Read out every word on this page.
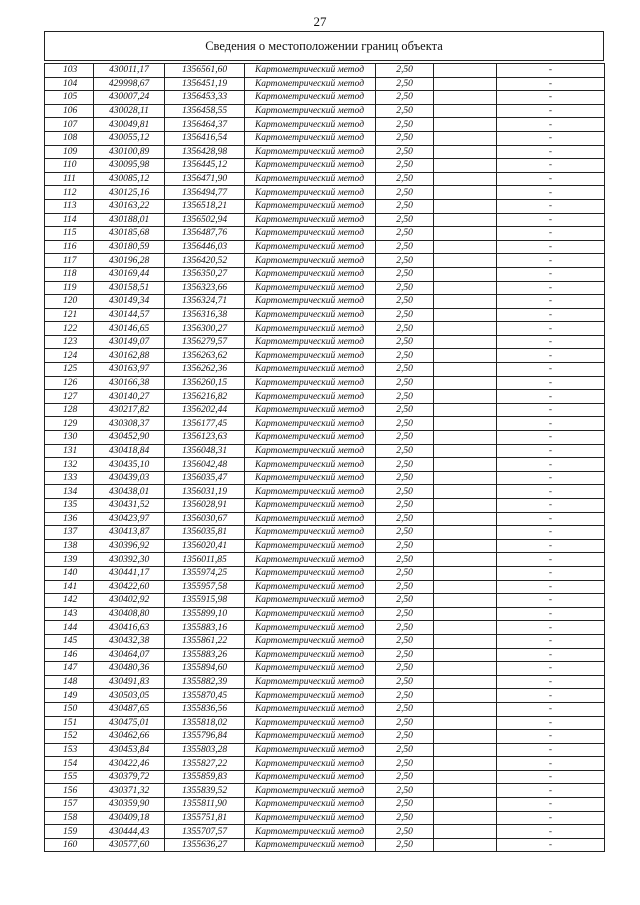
27
Сведения о местоположении границ объекта
103	430011,17	1356561,60	Картометрический метод	2,50		-
104	429998,67	1356451,19	Картометрический метод	2,50		-
105	430007,24	1356453,33	Картометрический метод	2,50		-
106	430028,11	1356458,55	Картометрический метод	2,50		-
107	430049,81	1356464,37	Картометрический метод	2,50		-
108	430055,12	1356416,54	Картометрический метод	2,50		-
109	430100,89	1356428,98	Картометрический метод	2,50		-
110	430095,98	1356445,12	Картометрический метод	2,50		-
111	430085,12	1356471,90	Картометрический метод	2,50		-
112	430125,16	1356494,77	Картометрический метод	2,50		-
113	430163,22	1356518,21	Картометрический метод	2,50		-
114	430188,01	1356502,94	Картометрический метод	2,50		-
115	430185,68	1356487,76	Картометрический метод	2,50		-
116	430180,59	1356446,03	Картометрический метод	2,50		-
117	430196,28	1356420,52	Картометрический метод	2,50		-
118	430169,44	1356350,27	Картометрический метод	2,50		-
119	430158,51	1356323,66	Картометрический метод	2,50		-
120	430149,34	1356324,71	Картометрический метод	2,50		-
121	430144,57	1356316,38	Картометрический метод	2,50		-
122	430146,65	1356300,27	Картометрический метод	2,50		-
123	430149,07	1356279,57	Картометрический метод	2,50		-
124	430162,88	1356263,62	Картометрический метод	2,50		-
125	430163,97	1356262,36	Картометрический метод	2,50		-
126	430166,38	1356260,15	Картометрический метод	2,50		-
127	430140,27	1356216,82	Картометрический метод	2,50		-
128	430217,82	1356202,44	Картометрический метод	2,50		-
129	430308,37	1356177,45	Картометрический метод	2,50		-
130	430452,90	1356123,63	Картометрический метод	2,50		-
131	430418,84	1356048,31	Картометрический метод	2,50		-
132	430435,10	1356042,48	Картометрический метод	2,50		-
133	430439,03	1356035,47	Картометрический метод	2,50		-
134	430438,01	1356031,19	Картометрический метод	2,50		-
135	430431,52	1356028,91	Картометрический метод	2,50		-
136	430423,97	1356030,67	Картометрический метод	2,50		-
137	430413,87	1356035,81	Картометрический метод	2,50		-
138	430396,92	1356020,41	Картометрический метод	2,50		-
139	430392,30	1356011,85	Картометрический метод	2,50		-
140	430441,17	1355974,25	Картометрический метод	2,50		-
141	430422,60	1355957,58	Картометрический метод	2,50		-
142	430402,92	1355915,98	Картометрический метод	2,50		-
143	430408,80	1355899,10	Картометрический метод	2,50		-
144	430416,63	1355883,16	Картометрический метод	2,50		-
145	430432,38	1355861,22	Картометрический метод	2,50		-
146	430464,07	1355883,26	Картометрический метод	2,50		-
147	430480,36	1355894,60	Картометрический метод	2,50		-
148	430491,83	1355882,39	Картометрический метод	2,50		-
149	430503,05	1355870,45	Картометрический метод	2,50		-
150	430487,65	1355836,56	Картометрический метод	2,50		-
151	430475,01	1355818,02	Картометрический метод	2,50		-
152	430462,66	1355796,84	Картометрический метод	2,50		-
153	430453,84	1355803,28	Картометрический метод	2,50		-
154	430422,46	1355827,22	Картометрический метод	2,50		-
155	430379,72	1355859,83	Картометрический метод	2,50		-
156	430371,32	1355839,52	Картометрический метод	2,50		-
157	430359,90	1355811,90	Картометрический метод	2,50		-
158	430409,18	1355751,81	Картометрический метод	2,50		-
159	430444,43	1355707,57	Картометрический метод	2,50		-
160	430577,60	1355636,27	Картометрический метод	2,50		-
